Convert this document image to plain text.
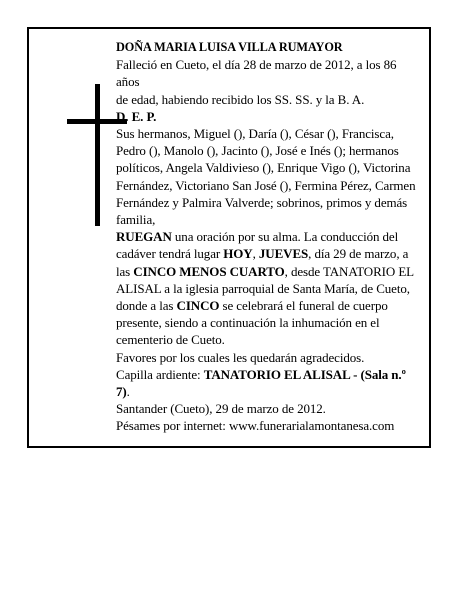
DOÑA MARIA LUISA VILLA RUMAYOR

Falleció en Cueto, el día 28 de marzo de 2012, a los 86 años

de edad, habiendo recibido los SS. SS. y la B. A.

D. E. P.

Sus hermanos, Miguel (), Daría (), César (), Francisca, Pedro (), Manolo (), Jacinto (), José e Inés (); hermanos políticos, Angela Valdivieso (), Enrique Vigo (), Victorina Fernández, Victoriano San José (), Fermina Pérez, Carmen Fernández y Palmira Valverde; sobrinos, primos y demás familia,

RUEGAN una oración por su alma. La conducción del cadáver tendrá lugar HOY, JUEVES, día 29 de marzo, a las CINCO MENOS CUARTO, desde TANATORIO EL ALISAL a la iglesia parroquial de Santa María, de Cueto, donde a las CINCO se celebrará el funeral de cuerpo presente, siendo a continuación la inhumación en el cementerio de Cueto.

Favores por los cuales les quedarán agradecidos.

Capilla ardiente: TANATORIO EL ALISAL - (Sala n.º 7).

Santander (Cueto), 29 de marzo de 2012.

Pésames por internet: www.funerarialamontanesa.com
